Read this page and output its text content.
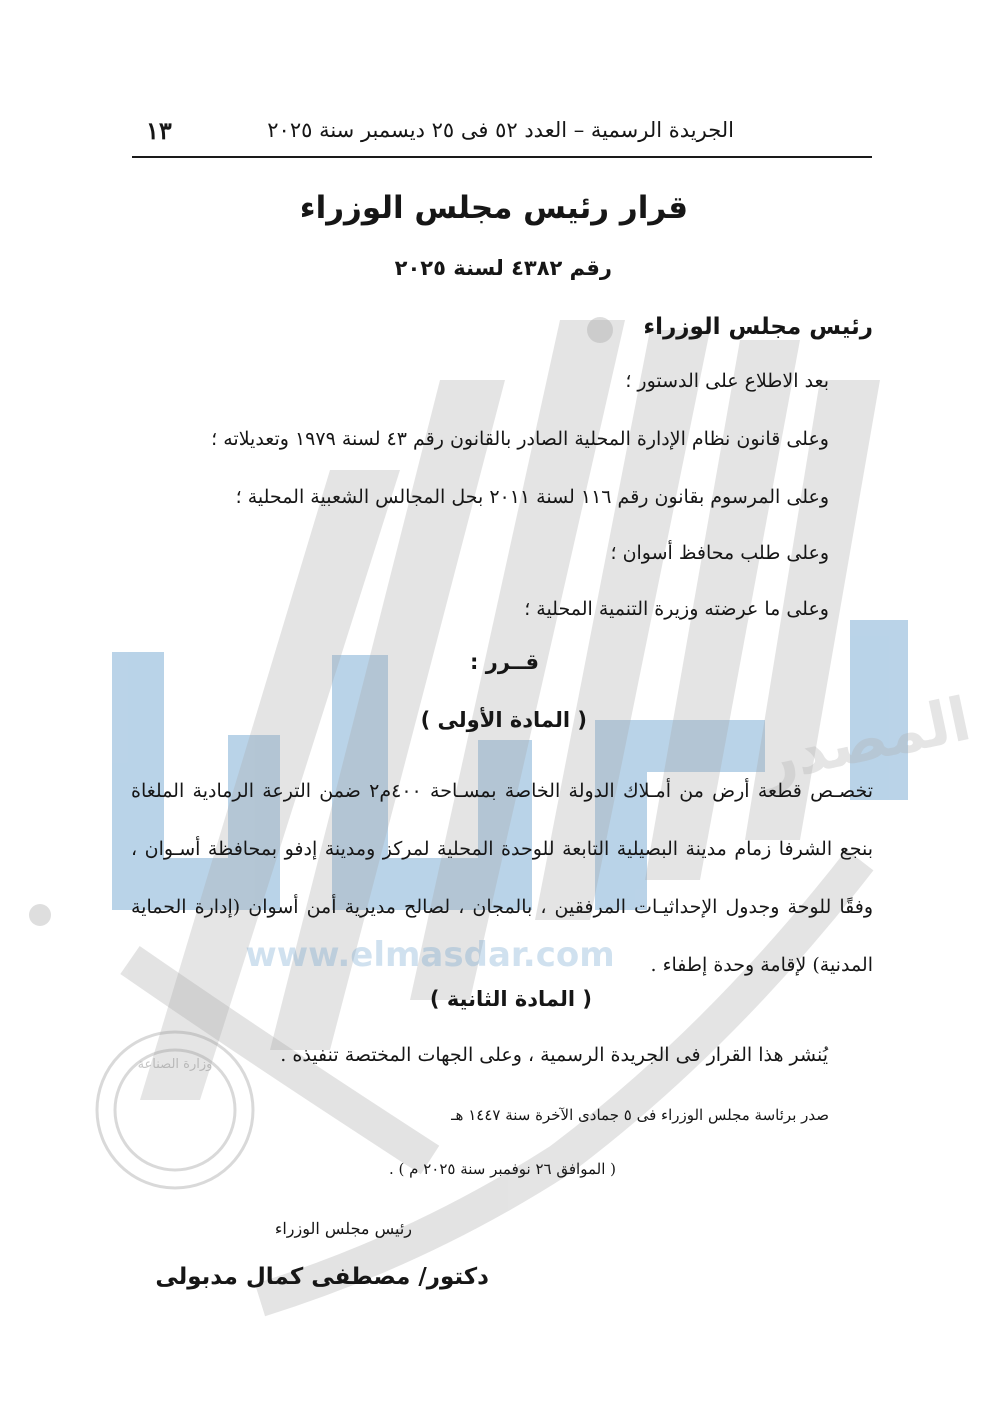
وزارة الصناعة
www.elmasdar.com
المصدر
الجريدة الرسمية – العدد ٥٢ فى ٢٥ ديسمبر سنة ٢٠٢٥
١٣
قرار رئيس مجلس الوزراء
رقم ٤٣٨٢ لسنة ٢٠٢٥
رئيس مجلس الوزراء
بعد الاطلاع على الدستور ؛
وعلى قانون نظام الإدارة المحلية الصادر بالقانون رقم ٤٣ لسنة ١٩٧٩ وتعديلاته ؛
وعلى المرسوم بقانون رقم ١١٦ لسنة ٢٠١١ بحل المجالس الشعبية المحلية ؛
وعلى طلب محافظ أسوان ؛
وعلى ما عرضته وزيرة التنمية المحلية ؛
قــرر :
( المادة الأولى )
تخصـص قطعة أرض من أمـلاك الدولة الخاصة بمسـاحة ٤٠٠م٢ ضمن الترعة الرمادية الملغاة بنجع الشرفا زمام مدينة البصيلية التابعة للوحدة المحلية لمركز ومدينة إدفو بمحافظة أسـوان ، وفقًا للوحة وجدول الإحداثيـات المرفقين ، بالمجان ، لصالح مديرية أمن أسوان (إدارة الحماية المدنية) لإقامة وحدة إطفاء .
( المادة الثانية )
يُنشر هذا القرار فى الجريدة الرسمية ، وعلى الجهات المختصة تنفيذه .
صدر برئاسة مجلس الوزراء فى ٥ جمادى الآخرة سنة ١٤٤٧ هـ
( الموافق ٢٦ نوفمبر سنة ٢٠٢٥ م ) .
رئيس مجلس الوزراء
دكتور/ مصطفى كمال مدبولى
